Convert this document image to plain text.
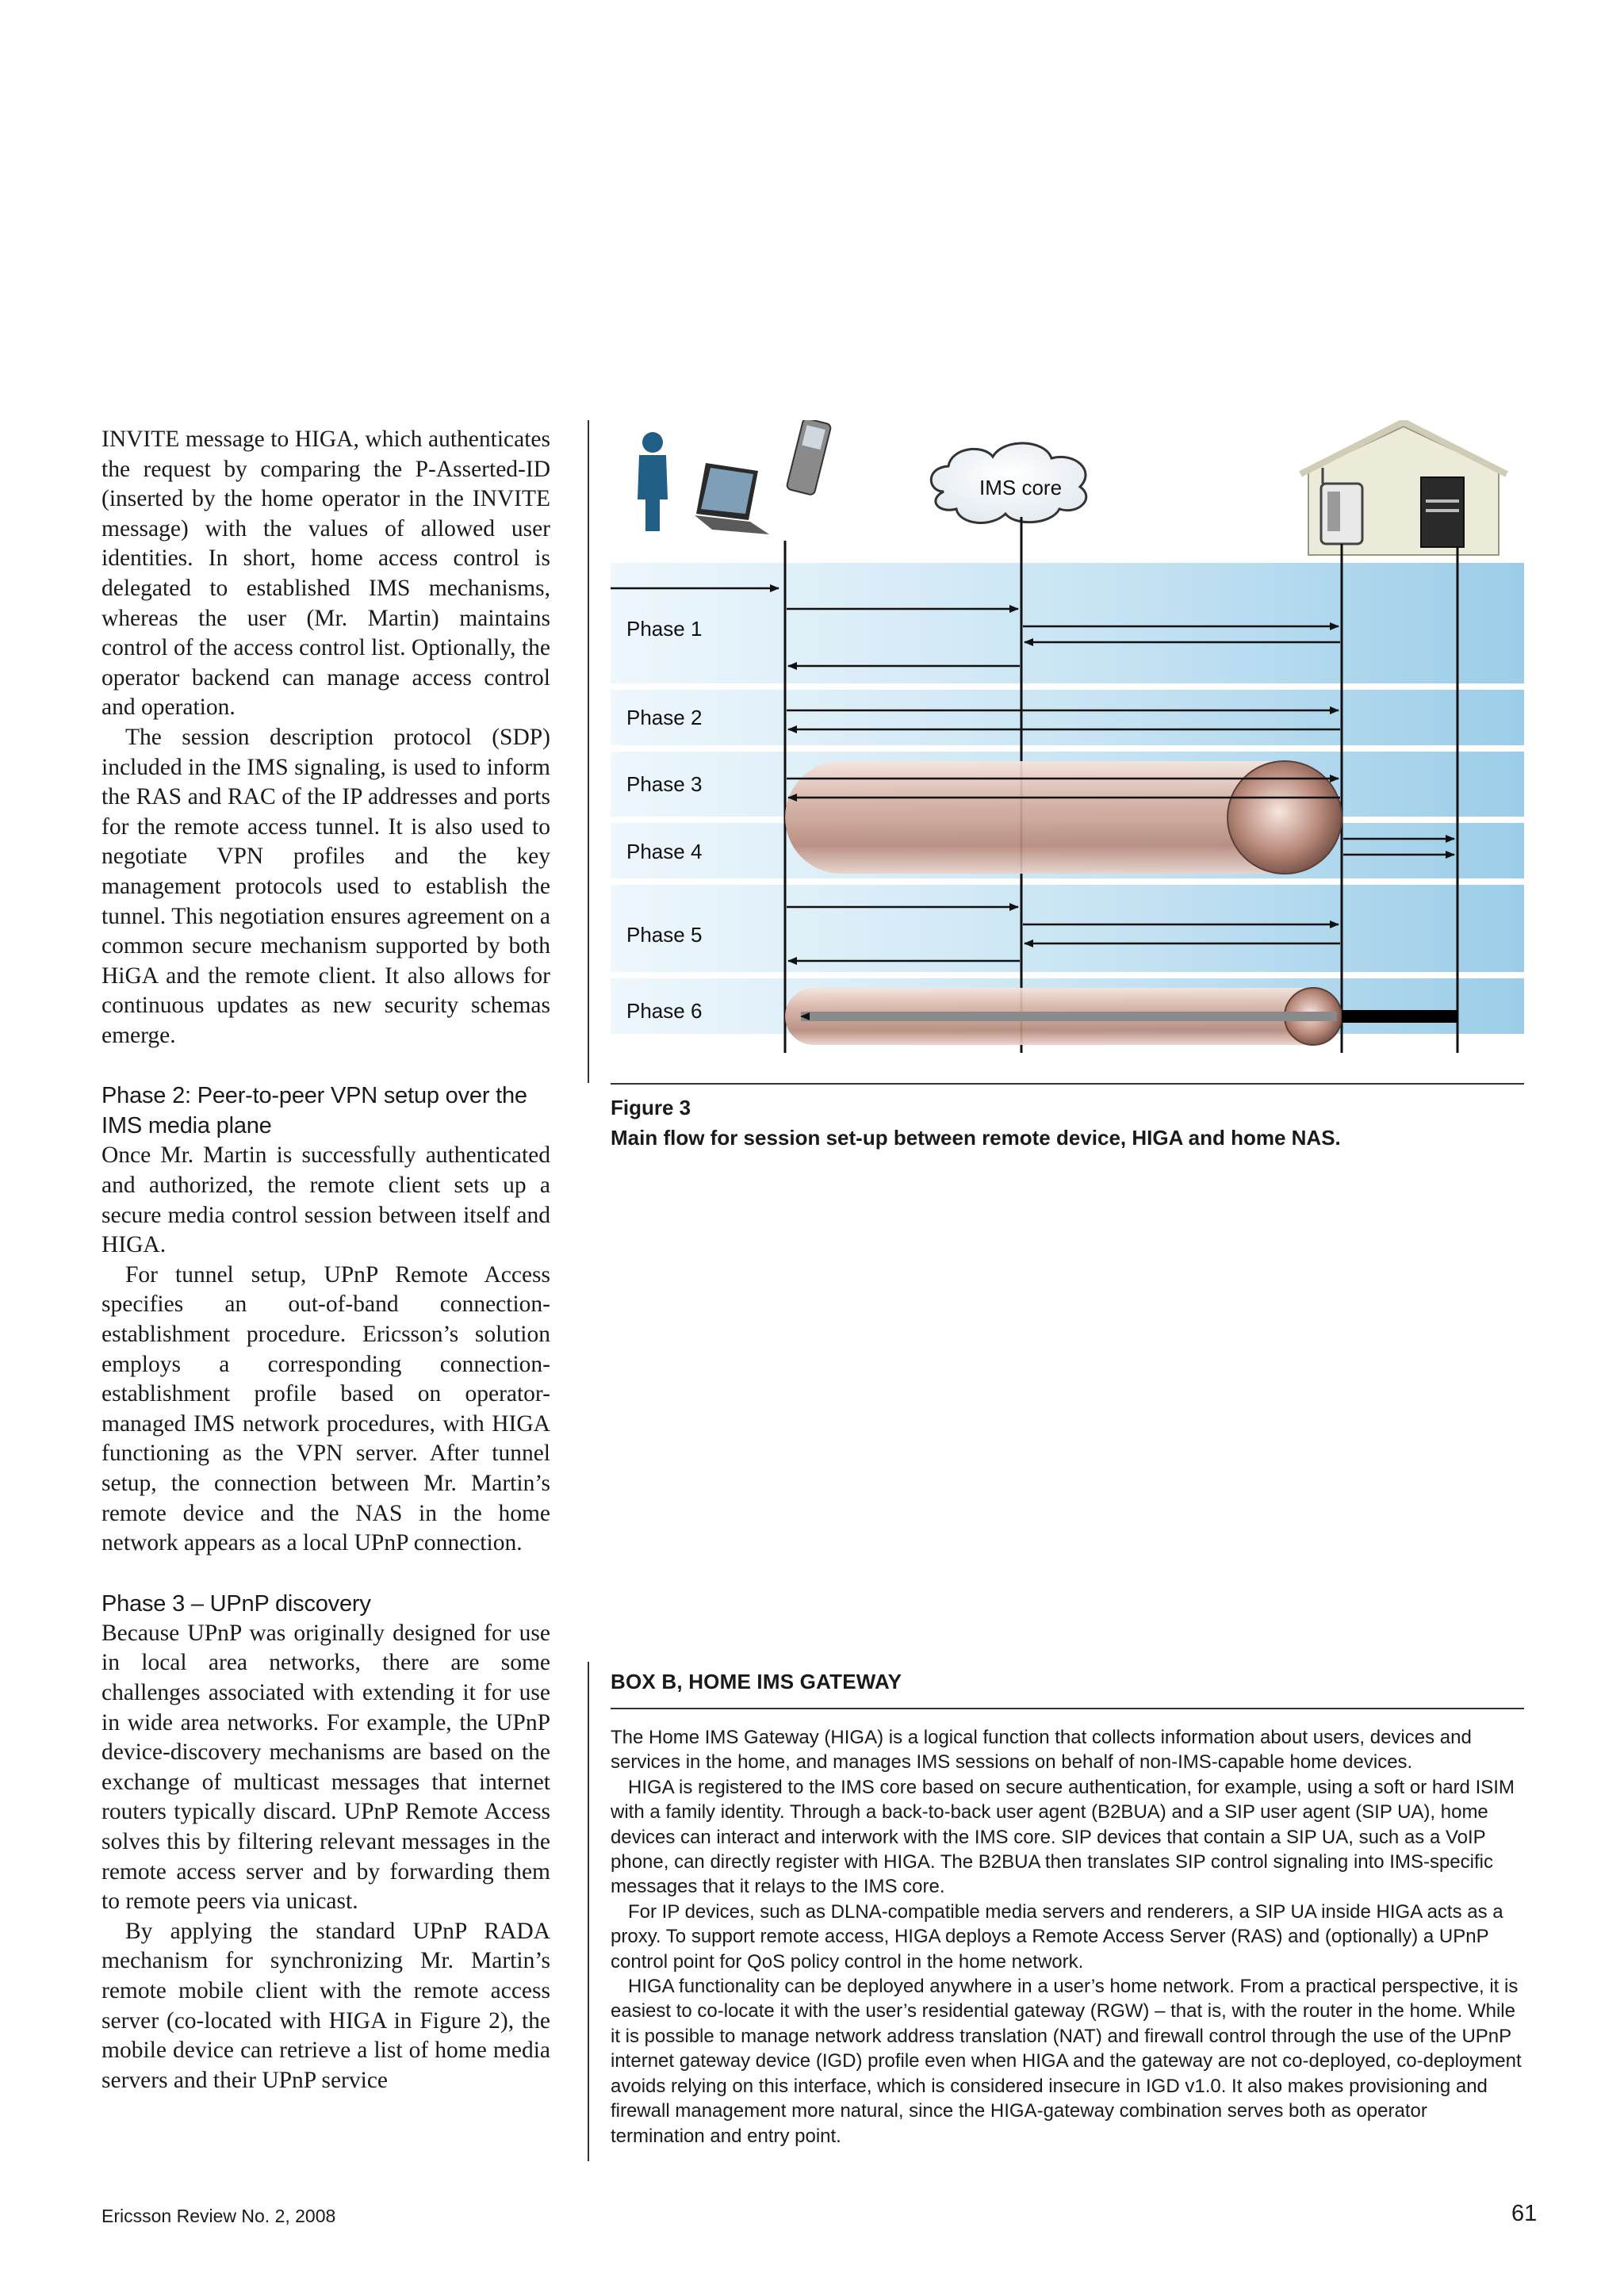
INVITE message to HIGA, which authenticates the request by comparing the P-Asserted-ID (inserted by the home operator in the INVITE message) with the values of allowed user identities. In short, home access control is delegated to established IMS mechanisms, whereas the user (Mr. Martin) maintains control of the access control list. Optionally, the operator backend can manage access control and operation.

The session description protocol (SDP) included in the IMS signaling, is used to inform the RAS and RAC of the IP addresses and ports for the remote access tunnel. It is also used to negotiate VPN profiles and the key management protocols used to establish the tunnel. This negotiation ensures agreement on a common secure mechanism supported by both HiGA and the remote client. It also allows for continuous updates as new security schemas emerge.

Phase 2: Peer-to-peer VPN setup over the IMS media plane

Once Mr. Martin is successfully authenticated and authorized, the remote client sets up a secure media control session between itself and HIGA.

For tunnel setup, UPnP Remote Access specifies an out-of-band connection-establishment procedure. Ericsson’s solution employs a corresponding connection-establishment profile based on operator-managed IMS network procedures, with HIGA functioning as the VPN server. After tunnel setup, the connection between Mr. Martin’s remote device and the NAS in the home network appears as a local UPnP connection.

Phase 3 – UPnP discovery

Because UPnP was originally designed for use in local area networks, there are some challenges associated with extending it for use in wide area networks. For example, the UPnP device-discovery mechanisms are based on the exchange of multicast messages that internet routers typically discard. UPnP Remote Access solves this by filtering relevant messages in the remote access server and by forwarding them to remote peers via unicast.

By applying the standard UPnP RADA mechanism for synchronizing Mr. Martin’s remote mobile client with the remote access server (co-located with HIGA in Figure 2), the mobile device can retrieve a list of home media servers and their UPnP service

Phase 1
Phase 2
Phase 3
Phase 4
Phase 5
Phase 6
IMS core
Figure 3
Main flow for session set-up between remote device, HIGA and home NAS.
BOX B, HOME IMS GATEWAY

The Home IMS Gateway (HIGA) is a logical function that collects information about users, devices and services in the home, and manages IMS sessions on behalf of non-IMS-capable home devices.

HIGA is registered to the IMS core based on secure authentication, for example, using a soft or hard ISIM with a family identity. Through a back-to-back user agent (B2BUA) and a SIP user agent (SIP UA), home devices can interact and interwork with the IMS core. SIP devices that contain a SIP UA, such as a VoIP phone, can directly register with HIGA. The B2BUA then translates SIP control signaling into IMS-specific messages that it relays to the IMS core.

For IP devices, such as DLNA-compatible media servers and renderers, a SIP UA inside HIGA acts as a proxy. To support remote access, HIGA deploys a Remote Access Server (RAS) and (optionally) a UPnP control point for QoS policy control in the home network.

HIGA functionality can be deployed anywhere in a user’s home network. From a practical perspective, it is easiest to co-locate it with the user’s residential gateway (RGW) – that is, with the router in the home. While it is possible to manage network address translation (NAT) and firewall control through the use of the UPnP internet gateway device (IGD) profile even when HIGA and the gateway are not co-deployed, co-deployment avoids relying on this interface, which is considered insecure in IGD v1.0. It also makes provisioning and firewall management more natural, since the HIGA-gateway combination serves both as operator termination and entry point.

Ericsson Review No. 2, 2008	61
